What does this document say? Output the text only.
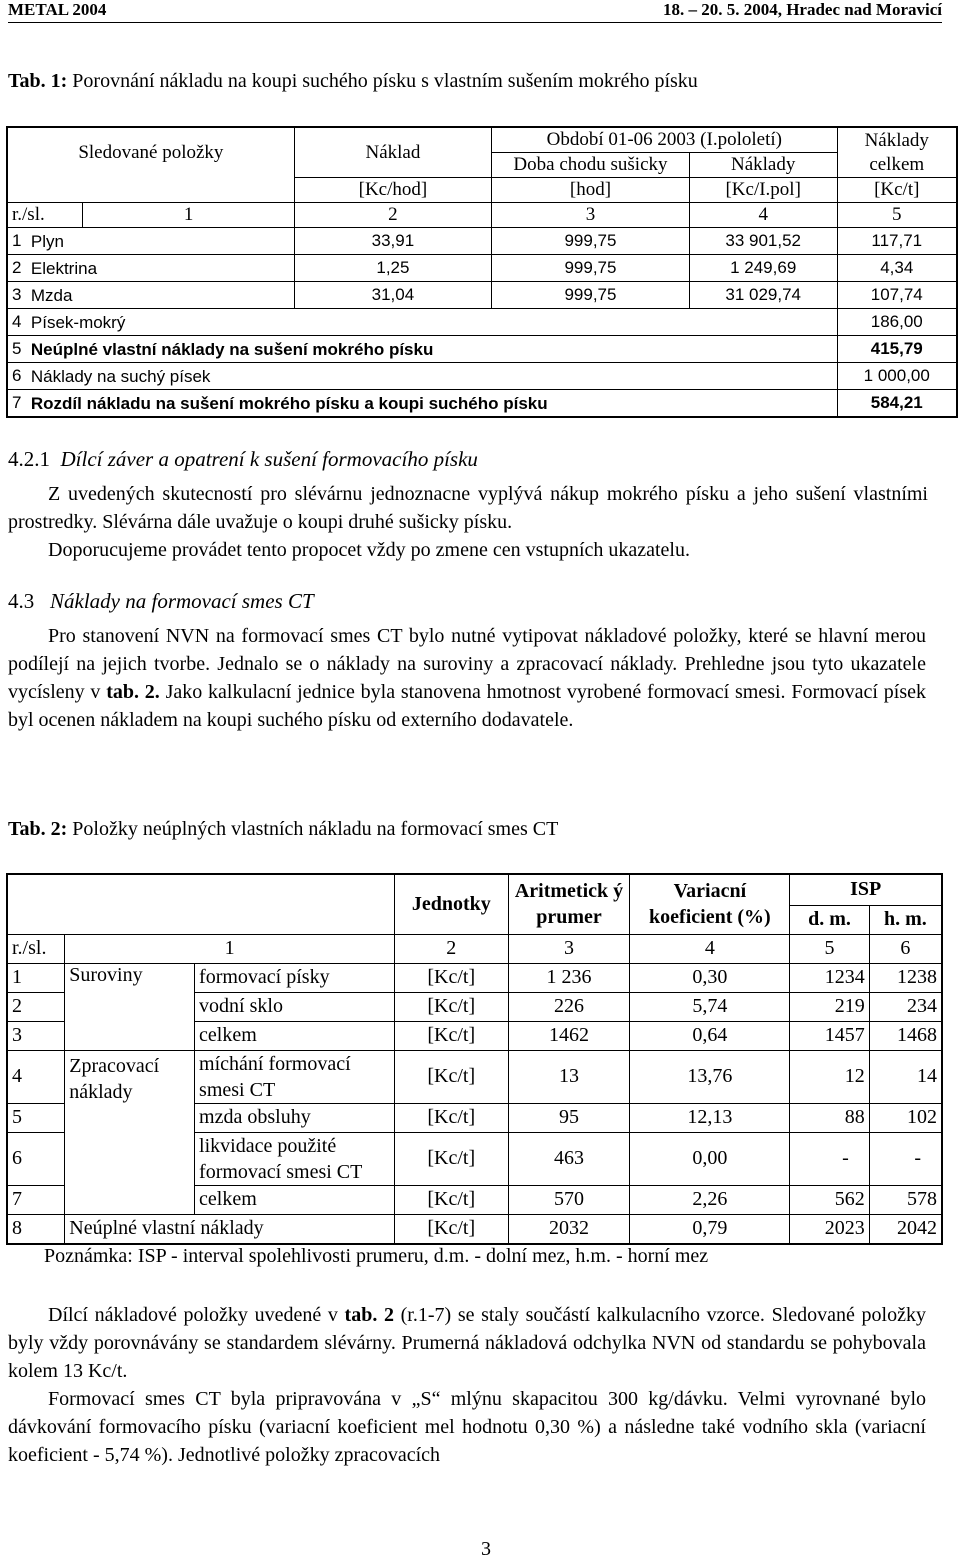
METAL 2004	18. – 20. 5. 2004, Hradec nad Moravicí
Tab. 1: Porovnání nákladu na koupi suchého písku s vlastním sušením mokrého písku
Sledované položky		Náklad	Období 01-06 2003 (I.pololetí)		Náklady celkem

			Doba chodu sušicky	Náklady	
		[Kc/hod]	[hod]	[Kc/I.pol]	[Kc/t]
r./sl.	1	2	3	4	5
1	Plyn	33,91	999,75	33 901,52	117,71
2	Elektrina	1,25	999,75	1 249,69	4,34
3	Mzda	31,04	999,75	31 029,74	107,74
4	Písek-mokrý				186,00
5	Neúplné vlastní náklady na sušení mokrého písku				415,79
6	Náklady na suchý písek				1 000,00
7	Rozdíl nákladu na sušení mokrého písku a koupi suchého písku				584,21
4.2.1 Dílcí záver a opatrení k sušení formovacího písku
Z uvedených skutecností pro slévárnu jednoznacne vyplývá nákup mokrého písku a jeho sušení vlastními prostredky. Slévárna dále uvažuje o koupi druhé sušicky písku.
Doporucujeme provádet tento propocet vždy po zmene cen vstupních ukazatelu.
4.3 Náklady na formovací smes CT
Pro stanovení NVN na formovací smes CT bylo nutné vytipovat nákladové položky, které se hlavní merou podílejí na jejich tvorbe. Jednalo se o náklady na suroviny a zpracovací náklady. Prehledne jsou tyto ukazatele vycísleny v tab. 2. Jako kalkulacní jednice byla stanovena hmotnost vyrobené formovací smesi. Formovací písek byl ocenen nákladem na koupi suchého písku od externího dodavatele.
Tab. 2: Položky neúplných vlastních nákladu na formovací smes CT
			Jednotky	Aritmetick ý prumer	Variacní koeficient (%)	ISP	
						d. m.	h. m.
r./sl.	1		2	3	4	5	6
1	Suroviny	formovací písky	[Kc/t]	1 236	0,30	1234	1238
2		vodní sklo	[Kc/t]	226	5,74	219	234
3		celkem	[Kc/t]	1462	0,64	1457	1468
4	Zpracovací náklady	míchání formovací smesi CT	[Kc/t]	13	13,76	12	14
5		mzda obsluhy	[Kc/t]	95	12,13	88	102
6		likvidace použité formovací smesi CT	[Kc/t]	463	0,00	-	-
7		celkem	[Kc/t]	570	2,26	562	578
8	Neúplné vlastní náklady		[Kc/t]	2032	0,79	2023	2042
Poznámka: ISP - interval spolehlivosti prumeru, d.m. - dolní mez, h.m. - horní mez
Dílcí nákladové položky uvedené v tab. 2 (r.1-7) se staly součástí kalkulacního vzorce. Sledované položky byly vždy porovnávány se standardem slévárny. Prumerná nákladová odchylka NVN od standardu se pohybovala kolem 13 Kc/t.
Formovací smes CT byla pripravována v „S“ mlýnu skapacitou 300 kg/dávku. Velmi vyrovnané bylo dávkování formovacího písku (variacní koeficient mel hodnotu 0,30 %) a následne také vodního skla (variacní koeficient - 5,74 %). Jednotlivé položky zpracovacích
3
